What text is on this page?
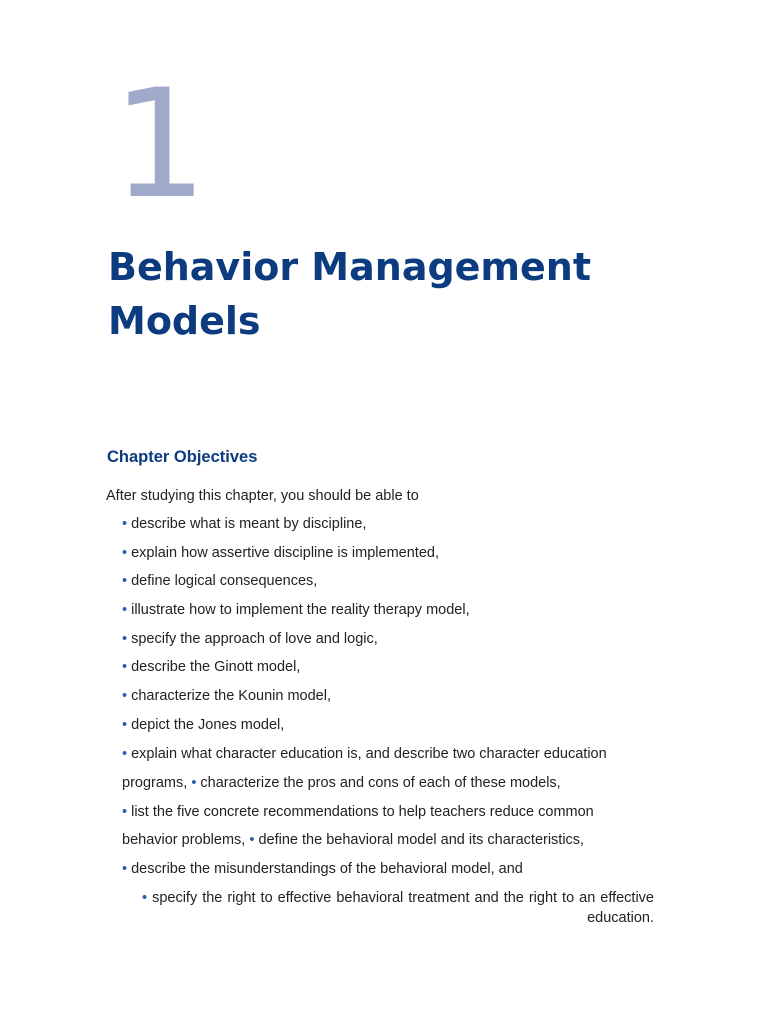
1
Behavior Management
Models
Chapter Objectives
After studying this chapter, you should be able to
• describe what is meant by discipline,
• explain how assertive discipline is implemented,
• define logical consequences,
• illustrate how to implement the reality therapy model,
• specify the approach of love and logic,
• describe the Ginott model,
• characterize the Kounin model,
• depict the Jones model,
• explain what character education is, and describe two character education
programs, • characterize the pros and cons of each of these models,
• list the five concrete recommendations to help teachers reduce common
behavior problems, • define the behavioral model and its characteristics,
• describe the misunderstandings of the behavioral model, and
• specify the right to effective behavioral treatment and the right to an effective education.
